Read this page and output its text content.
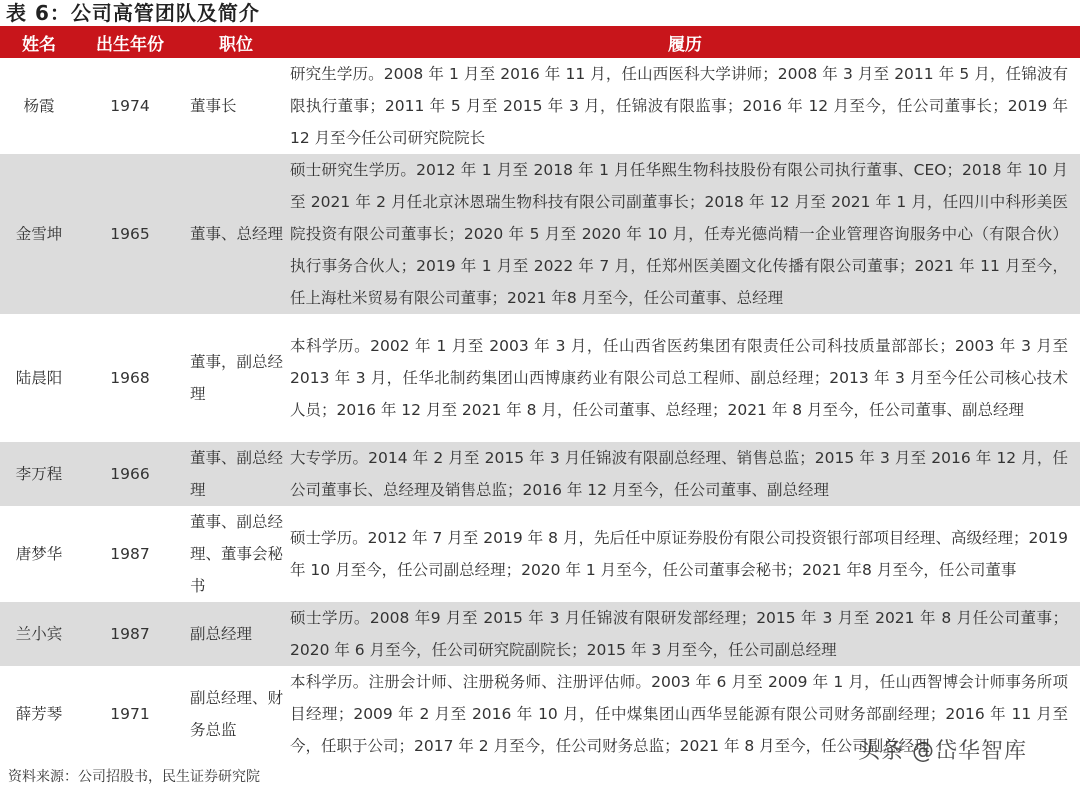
表 6：公司高管团队及简介
姓名	出生年份	职位	履历
杨霞	1974	董事长	研究生学历。2008 年 1 月至 2016 年 11 月，任山西医科大学讲师；2008 年 3 月至 2011 年 5 月，任锦波有限执行董事；2011 年 5 月至 2015 年 3 月，任锦波有限监事；2016 年 12 月至今，任公司董事长；2019 年 12 月至今任公司研究院院长
金雪坤	1965	董事、总经理	硕士研究生学历。2012 年 1 月至 2018 年 1 月任华熙生物科技股份有限公司执行董事、CEO；2018 年 10 月至 2021 年 2 月任北京沐恩瑞生物科技有限公司副董事长；2018 年 12 月至 2021 年 1 月，任四川中科形美医院投资有限公司董事长；2020 年 5 月至 2020 年 10 月，任寿光德尚精一企业管理咨询服务中心（有限合伙）执行事务合伙人；2019 年 1 月至 2022 年 7 月，任郑州医美圈文化传播有限公司董事；2021 年 11 月至今，任上海杜米贸易有限公司董事；2021 年8 月至今，任公司董事、总经理
陆晨阳	1968	董事，副总经理	本科学历。2002 年 1 月至 2003 年 3 月，任山西省医药集团有限责任公司科技质量部部长；2003 年 3 月至 2013 年 3 月，任华北制药集团山西博康药业有限公司总工程师、副总经理；2013 年 3 月至今任公司核心技术人员；2016 年 12 月至 2021 年 8 月，任公司董事、总经理；2021 年 8 月至今，任公司董事、副总经理
李万程	1966	董事、副总经理	大专学历。2014 年 2 月至 2015 年 3 月任锦波有限副总经理、销售总监；2015 年 3 月至 2016 年 12 月，任公司董事长、总经理及销售总监；2016 年 12 月至今，任公司董事、副总经理
唐梦华	1987	董事、副总经理、董事会秘书	硕士学历。2012 年 7 月至 2019 年 8 月，先后任中原证券股份有限公司投资银行部项目经理、高级经理；2019 年 10 月至今，任公司副总经理；2020 年 1 月至今，任公司董事会秘书；2021 年8 月至今，任公司董事
兰小宾	1987	副总经理	硕士学历。2008 年9 月至 2015 年 3 月任锦波有限研发部经理；2015 年 3 月至 2021 年 8 月任公司董事；2020 年 6 月至今，任公司研究院副院长；2015 年 3 月至今，任公司副总经理
薛芳琴	1971	副总经理、财务总监	本科学历。注册会计师、注册税务师、注册评估师。2003 年 6 月至 2009 年 1 月，任山西智博会计师事务所项目经理；2009 年 2 月至 2016 年 10 月，任中煤集团山西华昱能源有限公司财务部副经理；2016 年 11 月至今，任职于公司；2017 年 2 月至今，任公司财务总监；2021 年 8 月至今，任公司副总经理
资料来源：公司招股书，民生证券研究院
头条 @岱华智库
